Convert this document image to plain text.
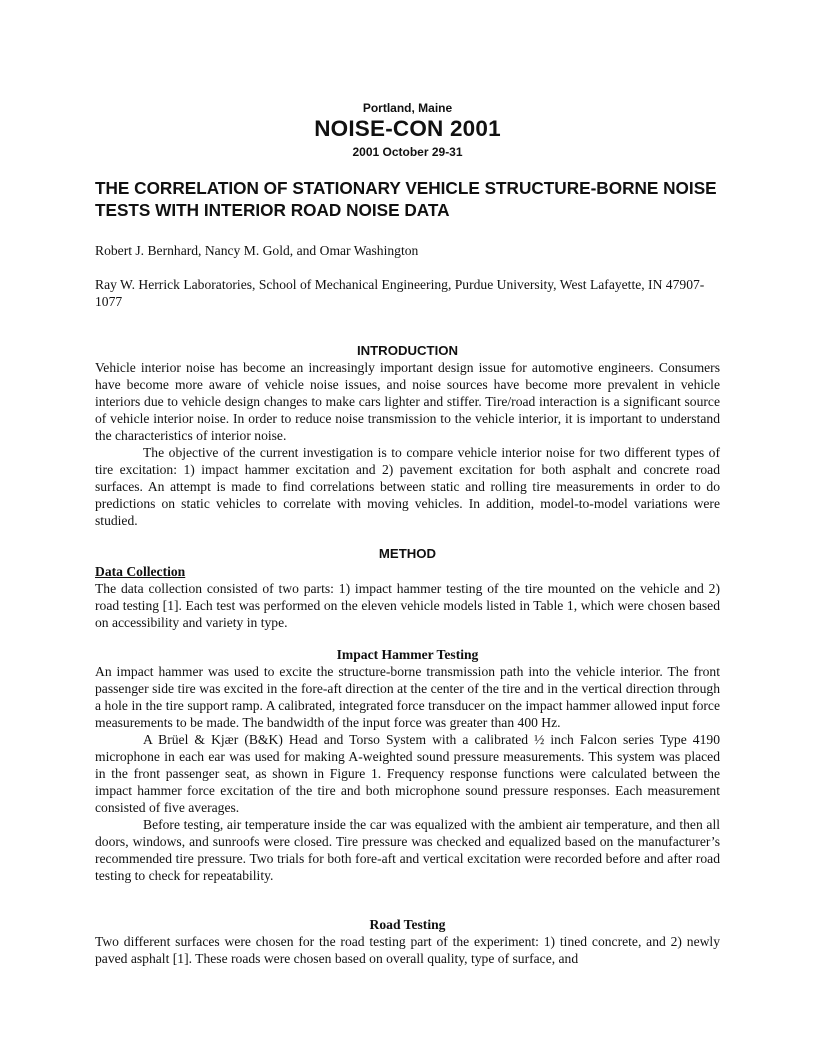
Portland, Maine
NOISE-CON 2001
2001 October 29-31
THE CORRELATION OF STATIONARY VEHICLE STRUCTURE-BORNE NOISE TESTS WITH INTERIOR ROAD NOISE DATA
Robert J. Bernhard, Nancy M. Gold, and Omar Washington
Ray W. Herrick Laboratories, School of Mechanical Engineering, Purdue University, West Lafayette, IN 47907-1077
INTRODUCTION

Vehicle interior noise has become an increasingly important design issue for automotive engineers. Consumers have become more aware of vehicle noise issues, and noise sources have become more prevalent in vehicle interiors due to vehicle design changes to make cars lighter and stiffer. Tire/road interaction is a significant source of vehicle interior noise. In order to reduce noise transmission to the vehicle interior, it is important to understand the characteristics of interior noise.

The objective of the current investigation is to compare vehicle interior noise for two different types of tire excitation: 1) impact hammer excitation and 2) pavement excitation for both asphalt and concrete road surfaces. An attempt is made to find correlations between static and rolling tire measurements in order to do predictions on static vehicles to correlate with moving vehicles. In addition, model-to-model variations were studied.

METHOD
Data Collection

The data collection consisted of two parts: 1) impact hammer testing of the tire mounted on the vehicle and 2) road testing [1]. Each test was performed on the eleven vehicle models listed in Table 1, which were chosen based on accessibility and variety in type.

Impact Hammer Testing

An impact hammer was used to excite the structure-borne transmission path into the vehicle interior. The front passenger side tire was excited in the fore-aft direction at the center of the tire and in the vertical direction through a hole in the tire support ramp. A calibrated, integrated force transducer on the impact hammer allowed input force measurements to be made. The bandwidth of the input force was greater than 400 Hz.

A Brüel & Kjær (B&K) Head and Torso System with a calibrated ½ inch Falcon series Type 4190 microphone in each ear was used for making A-weighted sound pressure measurements. This system was placed in the front passenger seat, as shown in Figure 1. Frequency response functions were calculated between the impact hammer force excitation of the tire and both microphone sound pressure responses. Each measurement consisted of five averages.

Before testing, air temperature inside the car was equalized with the ambient air temperature, and then all doors, windows, and sunroofs were closed. Tire pressure was checked and equalized based on the manufacturer’s recommended tire pressure. Two trials for both fore-aft and vertical excitation were recorded before and after road testing to check for repeatability.

Road Testing

Two different surfaces were chosen for the road testing part of the experiment: 1) tined concrete, and 2) newly paved asphalt [1]. These roads were chosen based on overall quality, type of surface, and
